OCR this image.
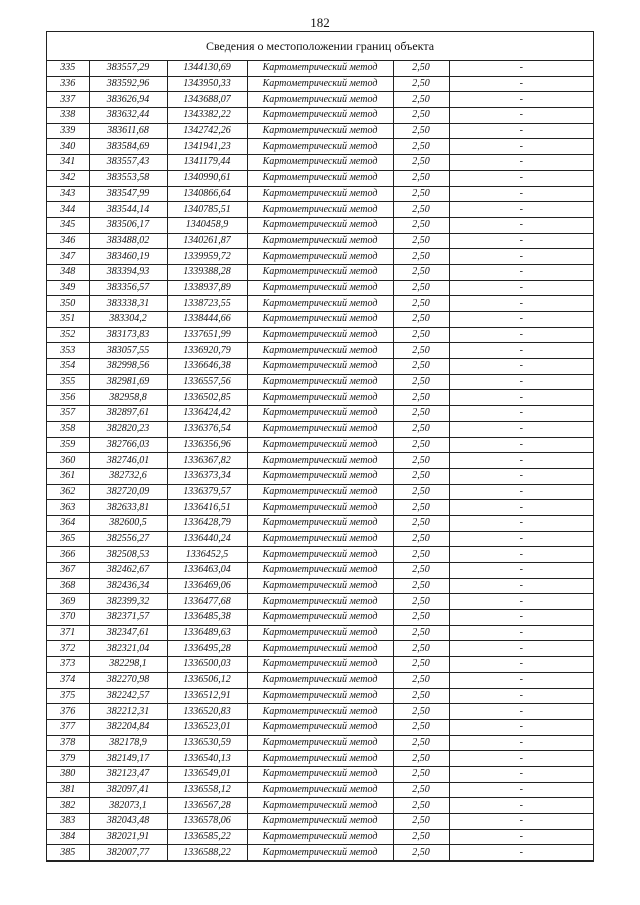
182
Сведения о местоположении границ объекта
335	383557,29	1344130,69	Картометрический метод	2,50	-
336	383592,96	1343950,33	Картометрический метод	2,50	-
337	383626,94	1343688,07	Картометрический метод	2,50	-
338	383632,44	1343382,22	Картометрический метод	2,50	-
339	383611,68	1342742,26	Картометрический метод	2,50	-
340	383584,69	1341941,23	Картометрический метод	2,50	-
341	383557,43	1341179,44	Картометрический метод	2,50	-
342	383553,58	1340990,61	Картометрический метод	2,50	-
343	383547,99	1340866,64	Картометрический метод	2,50	-
344	383544,14	1340785,51	Картометрический метод	2,50	-
345	383506,17	1340458,9	Картометрический метод	2,50	-
346	383488,02	1340261,87	Картометрический метод	2,50	-
347	383460,19	1339959,72	Картометрический метод	2,50	-
348	383394,93	1339388,28	Картометрический метод	2,50	-
349	383356,57	1338937,89	Картометрический метод	2,50	-
350	383338,31	1338723,55	Картометрический метод	2,50	-
351	383304,2	1338444,66	Картометрический метод	2,50	-
352	383173,83	1337651,99	Картометрический метод	2,50	-
353	383057,55	1336920,79	Картометрический метод	2,50	-
354	382998,56	1336646,38	Картометрический метод	2,50	-
355	382981,69	1336557,56	Картометрический метод	2,50	-
356	382958,8	1336502,85	Картометрический метод	2,50	-
357	382897,61	1336424,42	Картометрический метод	2,50	-
358	382820,23	1336376,54	Картометрический метод	2,50	-
359	382766,03	1336356,96	Картометрический метод	2,50	-
360	382746,01	1336367,82	Картометрический метод	2,50	-
361	382732,6	1336373,34	Картометрический метод	2,50	-
362	382720,09	1336379,57	Картометрический метод	2,50	-
363	382633,81	1336416,51	Картометрический метод	2,50	-
364	382600,5	1336428,79	Картометрический метод	2,50	-
365	382556,27	1336440,24	Картометрический метод	2,50	-
366	382508,53	1336452,5	Картометрический метод	2,50	-
367	382462,67	1336463,04	Картометрический метод	2,50	-
368	382436,34	1336469,06	Картометрический метод	2,50	-
369	382399,32	1336477,68	Картометрический метод	2,50	-
370	382371,57	1336485,38	Картометрический метод	2,50	-
371	382347,61	1336489,63	Картометрический метод	2,50	-
372	382321,04	1336495,28	Картометрический метод	2,50	-
373	382298,1	1336500,03	Картометрический метод	2,50	-
374	382270,98	1336506,12	Картометрический метод	2,50	-
375	382242,57	1336512,91	Картометрический метод	2,50	-
376	382212,31	1336520,83	Картометрический метод	2,50	-
377	382204,84	1336523,01	Картометрический метод	2,50	-
378	382178,9	1336530,59	Картометрический метод	2,50	-
379	382149,17	1336540,13	Картометрический метод	2,50	-
380	382123,47	1336549,01	Картометрический метод	2,50	-
381	382097,41	1336558,12	Картометрический метод	2,50	-
382	382073,1	1336567,28	Картометрический метод	2,50	-
383	382043,48	1336578,06	Картометрический метод	2,50	-
384	382021,91	1336585,22	Картометрический метод	2,50	-
385	382007,77	1336588,22	Картометрический метод	2,50	-
